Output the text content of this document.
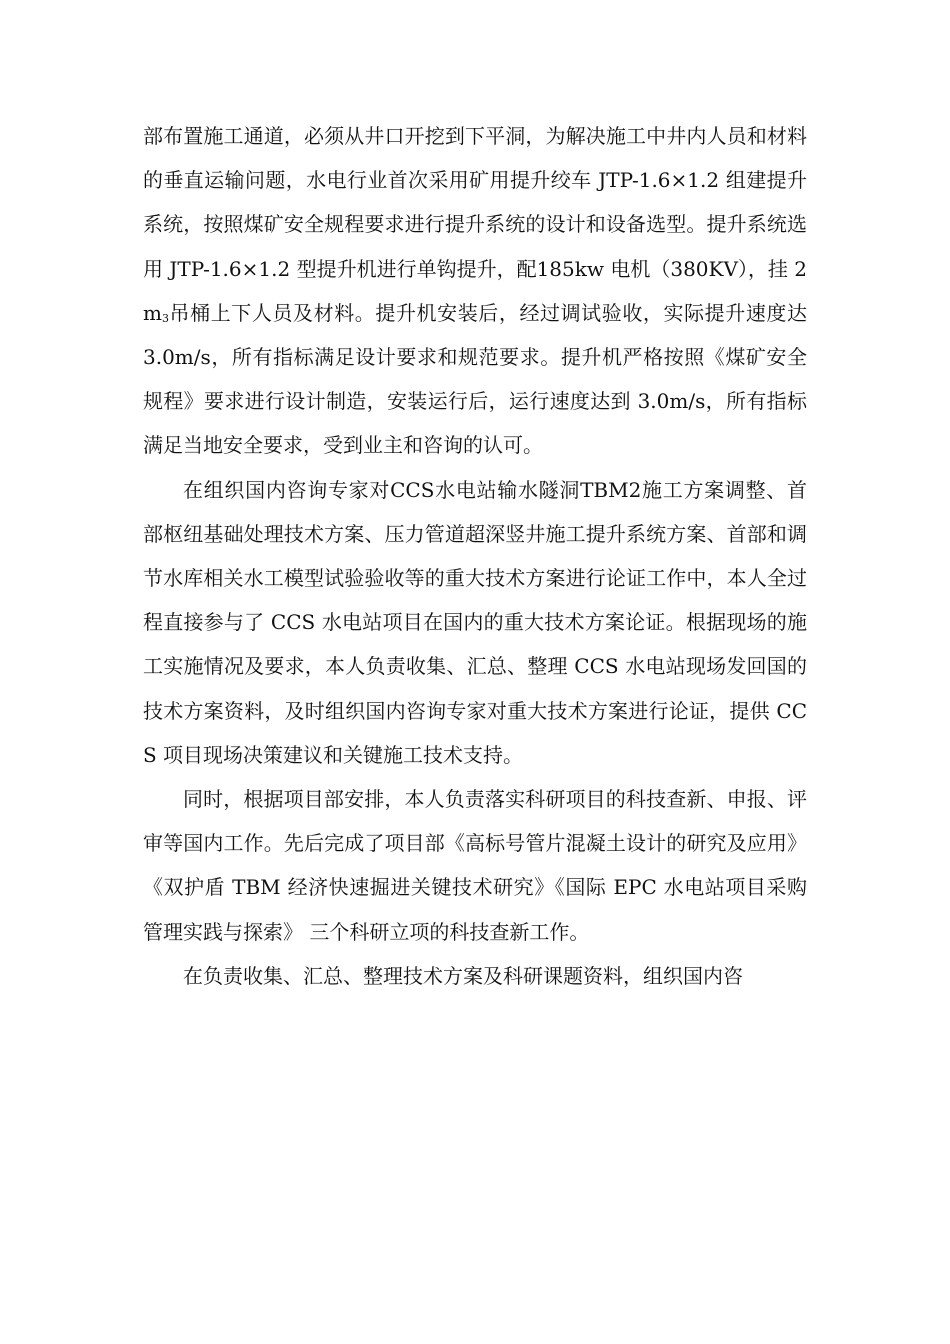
部布置施工通道，必须从井口开挖到下平洞，为解决施工中井内人员和材料的垂直运输问题，水电行业首次采用矿用提升绞车 JTP-1.6×1.2 组建提升系统，按照煤矿安全规程要求进行提升系统的设计和设备选型。提升系统选用 JTP-1.6×1.2 型提升机进行单钩提升，配185kw 电机（380KV），挂 $2m_3$吊桶上下人员及材料。提升机安装后，经过调试验收，实际提升速度达 3.0m/s，所有指标满足设计要求和规范要求。提升机严格按照《煤矿安全规程》要求进行设计制造，安装运行后，运行速度达到 3.0m/s，所有指标满足当地安全要求，受到业主和咨询的认可。

在组织国内咨询专家对CCS水电站输水隧洞TBM2施工方案调整、首部枢纽基础处理技术方案、压力管道超深竖井施工提升系统方案、首部和调节水库相关水工模型试验验收等的重大技术方案进行论证工作中，本人全过程直接参与了 CCS 水电站项目在国内的重大技术方案论证。根据现场的施工实施情况及要求，本人负责收集、汇总、整理 CCS 水电站现场发回国的技术方案资料，及时组织国内咨询专家对重大技术方案进行论证，提供 CCS 项目现场决策建议和关键施工技术支持。

同时，根据项目部安排，本人负责落实科研项目的科技查新、申报、评审等国内工作。先后完成了项目部《高标号管片混凝土设计的研究及应用》《双护盾 TBM 经济快速掘进关键技术研究》《国际 EPC 水电站项目采购管理实践与探索》 三个科研立项的科技查新工作。

在负责收集、汇总、整理技术方案及科研课题资料，组织国内咨
